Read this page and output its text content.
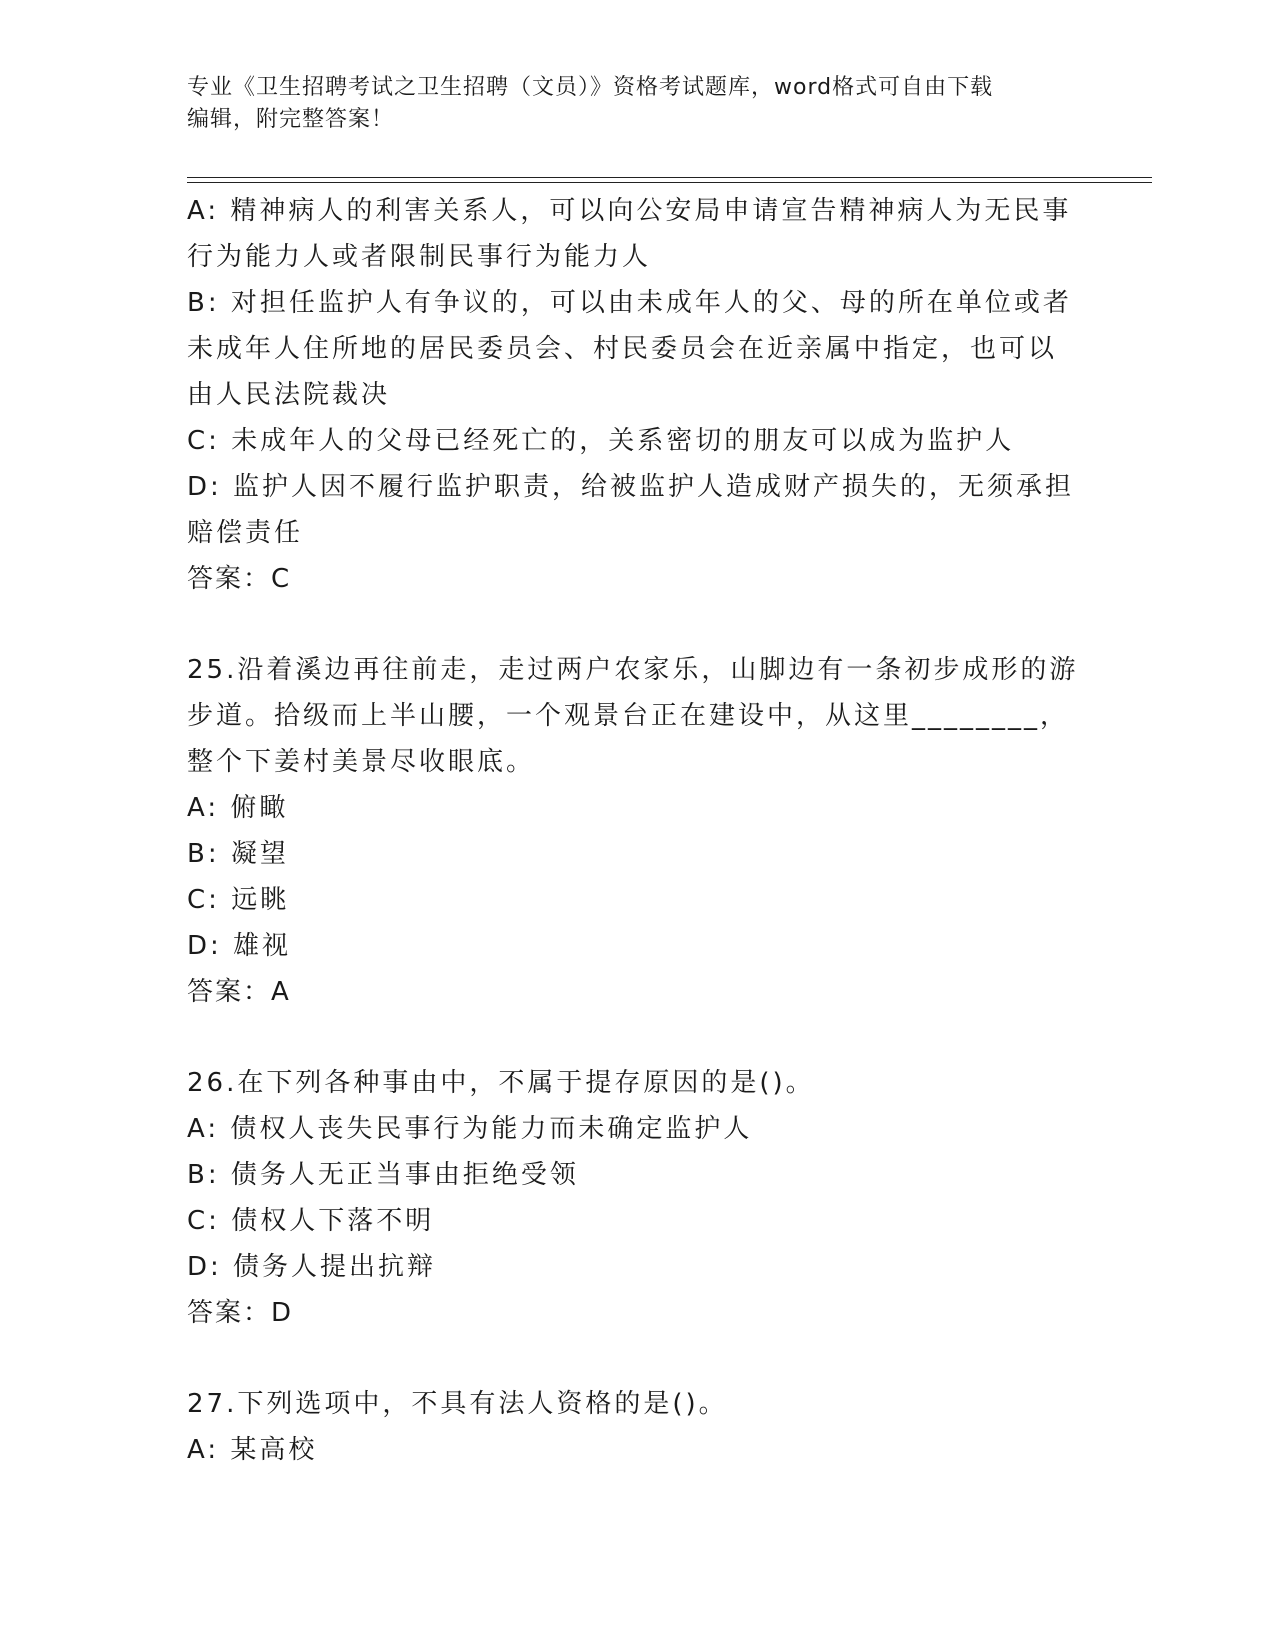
专业《卫生招聘考试之卫生招聘（文员）》资格考试题库，word格式可自由下载
编辑，附完整答案！
A: 精神病人的利害关系人，可以向公安局申请宣告精神病人为无民事
行为能力人或者限制民事行为能力人
B: 对担任监护人有争议的，可以由未成年人的父、母的所在单位或者
未成年人住所地的居民委员会、村民委员会在近亲属中指定，也可以
由人民法院裁决
C: 未成年人的父母已经死亡的，关系密切的朋友可以成为监护人
D: 监护人因不履行监护职责，给被监护人造成财产损失的，无须承担
赔偿责任
答案：C
25.沿着溪边再往前走，走过两户农家乐，山脚边有一条初步成形的游
步道。拾级而上半山腰，一个观景台正在建设中，从这里________，
整个下姜村美景尽收眼底。
A: 俯瞰
B: 凝望
C: 远眺
D: 雄视
答案：A
26.在下列各种事由中，不属于提存原因的是()。
A: 债权人丧失民事行为能力而未确定监护人
B: 债务人无正当事由拒绝受领
C: 债权人下落不明
D: 债务人提出抗辩
答案：D
27.下列选项中，不具有法人资格的是()。
A: 某高校
